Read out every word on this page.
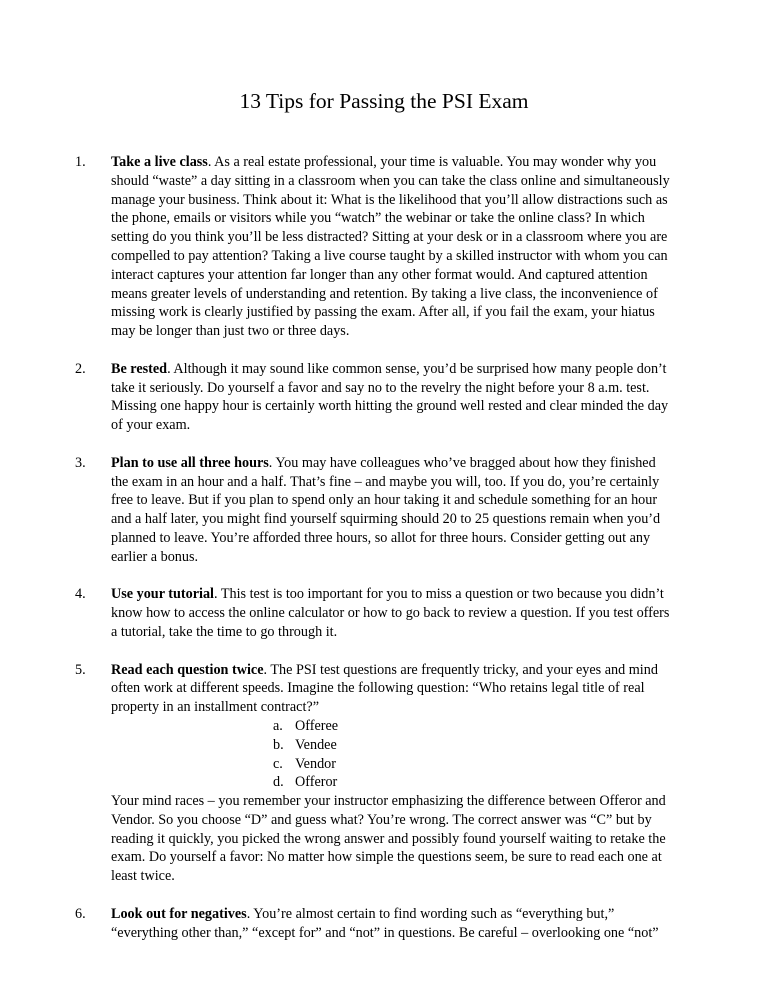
13 Tips for Passing the PSI Exam
1. Take a live class. As a real estate professional, your time is valuable. You may wonder why you should “waste” a day sitting in a classroom when you can take the class online and simultaneously manage your business. Think about it: What is the likelihood that you’ll allow distractions such as the phone, emails or visitors while you “watch” the webinar or take the online class? In which setting do you think you’ll be less distracted? Sitting at your desk or in a classroom where you are compelled to pay attention? Taking a live course taught by a skilled instructor with whom you can interact captures your attention far longer than any other format would. And captured attention means greater levels of understanding and retention. By taking a live class, the inconvenience of missing work is clearly justified by passing the exam. After all, if you fail the exam, your hiatus may be longer than just two or three days.
2. Be rested. Although it may sound like common sense, you’d be surprised how many people don’t take it seriously. Do yourself a favor and say no to the revelry the night before your 8 a.m. test. Missing one happy hour is certainly worth hitting the ground well rested and clear minded the day of your exam.
3. Plan to use all three hours. You may have colleagues who’ve bragged about how they finished the exam in an hour and a half. That’s fine – and maybe you will, too. If you do, you’re certainly free to leave. But if you plan to spend only an hour taking it and schedule something for an hour and a half later, you might find yourself squirming should 20 to 25 questions remain when you’d planned to leave. You’re afforded three hours, so allot for three hours. Consider getting out any earlier a bonus.
4. Use your tutorial. This test is too important for you to miss a question or two because you didn’t know how to access the online calculator or how to go back to review a question. If you test offers a tutorial, take the time to go through it.
5. Read each question twice. The PSI test questions are frequently tricky, and your eyes and mind often work at different speeds. Imagine the following question: “Who retains legal title of real property in an installment contract?”
a. Offeree
b. Vendee
c. Vendor
d. Offeror
Your mind races – you remember your instructor emphasizing the difference between Offeror and Vendor. So you choose “D” and guess what? You’re wrong. The correct answer was “C” but by reading it quickly, you picked the wrong answer and possibly found yourself waiting to retake the exam. Do yourself a favor: No matter how simple the questions seem, be sure to read each one at least twice.
6. Look out for negatives. You’re almost certain to find wording such as “everything but,” “everything other than,” “except for” and “not” in questions. Be careful – overlooking one “not”
